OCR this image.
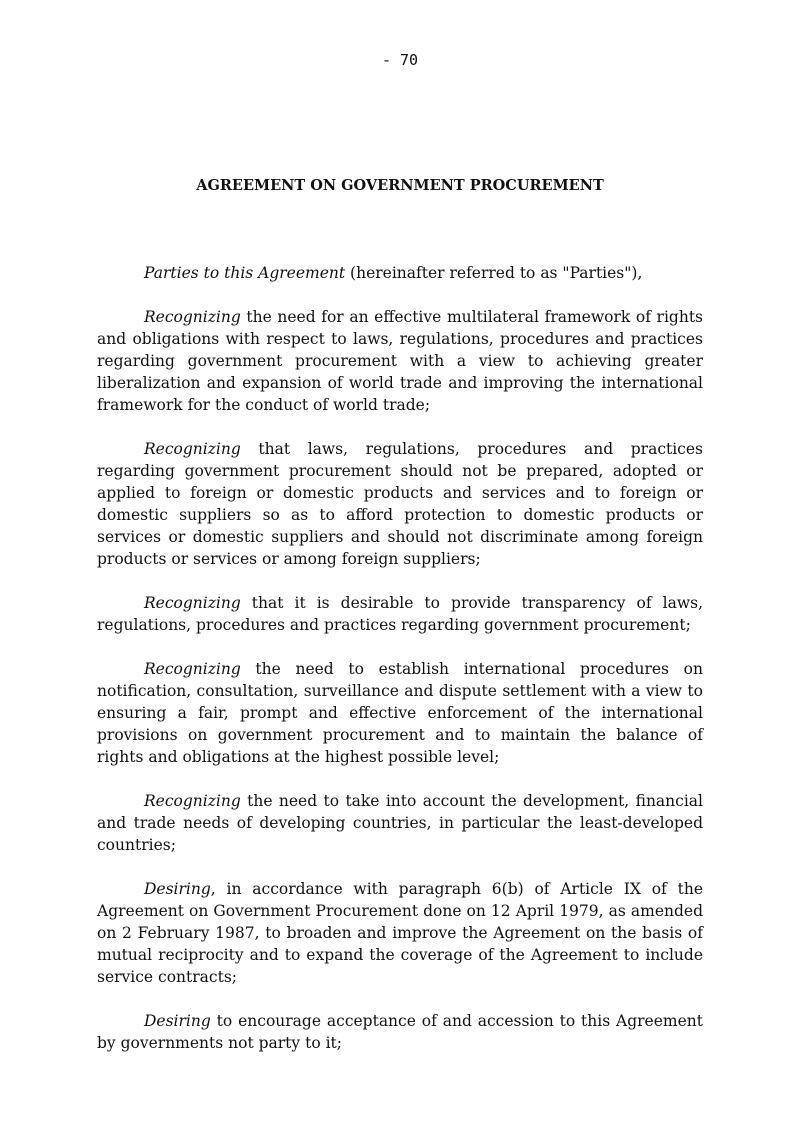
- 70
AGREEMENT ON GOVERNMENT PROCUREMENT

Parties to this Agreement (hereinafter referred to as "Parties"),

Recognizing the need for an effective multilateral framework of rights and obligations with respect to laws, regulations, procedures and practices regarding government procurement with a view to achieving greater liberalization and expansion of world trade and improving the international framework for the conduct of world trade;

Recognizing that laws, regulations, procedures and practices regarding government procurement should not be prepared, adopted or applied to foreign or domestic products and services and to foreign or domestic suppliers so as to afford protection to domestic products or services or domestic suppliers and should not discriminate among foreign products or services or among foreign suppliers;

Recognizing that it is desirable to provide transparency of laws, regulations, procedures and practices regarding government procurement;

Recognizing the need to establish international procedures on notification, consultation, surveillance and dispute settlement with a view to ensuring a fair, prompt and effective enforcement of the international provisions on government procurement and to maintain the balance of rights and obligations at the highest possible level;

Recognizing the need to take into account the development, financial and trade needs of developing countries, in particular the least-developed countries;

Desiring, in accordance with paragraph 6(b) of Article IX of the Agreement on Government Procurement done on 12 April 1979, as amended on 2 February 1987, to broaden and improve the Agreement on the basis of mutual reciprocity and to expand the coverage of the Agreement to include service contracts;

Desiring to encourage acceptance of and accession to this Agreement by governments not party to it;
